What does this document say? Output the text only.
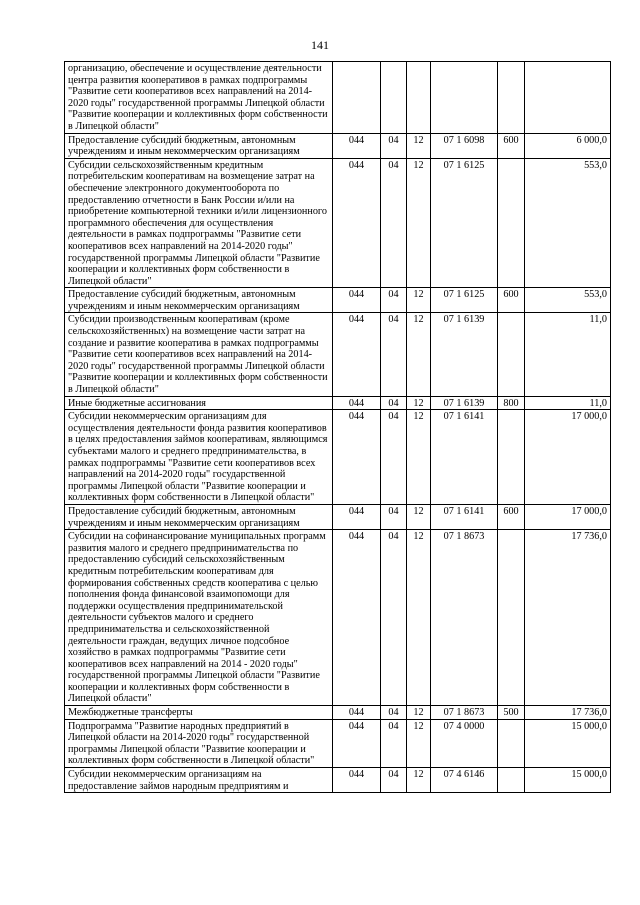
141
организацию, обеспечение и осуществление деятельности центра развития кооперативов в рамках подпрограммы "Развитие сети кооперативов всех направлений на 2014-2020 годы" государственной программы Липецкой области "Развитие кооперации и коллективных форм собственности в Липецкой области"						
Предоставление субсидий бюджетным, автономным учреждениям и иным некоммерческим организациям	044	04	12	07 1 6098	600	6 000,0
Субсидии сельскохозяйственным кредитным потребительским кооперативам на возмещение затрат на обеспечение электронного документооборота по предоставлению отчетности в Банк России и/или на приобретение компьютерной техники и/или лицензионного программного обеспечения для осуществления деятельности в рамках подпрограммы "Развитие сети кооперативов всех направлений на 2014-2020 годы" государственной программы Липецкой области "Развитие кооперации и коллективных форм собственности в Липецкой области"	044	04	12	07 1 6125		553,0
Предоставление субсидий бюджетным, автономным учреждениям и иным некоммерческим организациям	044	04	12	07 1 6125	600	553,0
Субсидии производственным кооперативам (кроме сельскохозяйственных) на возмещение части затрат на создание и развитие кооператива в рамках подпрограммы "Развитие сети кооперативов всех направлений на 2014-2020 годы" государственной программы Липецкой области "Развитие кооперации и коллективных форм собственности в Липецкой области"	044	04	12	07 1 6139		11,0
Иные бюджетные ассигнования	044	04	12	07 1 6139	800	11,0
Субсидии некоммерческим организациям для осуществления деятельности фонда развития кооперативов в целях предоставления займов кооперативам, являющимся субъектами малого и среднего предпринимательства, в рамках подпрограммы "Развитие сети кооперативов всех направлений на 2014-2020 годы" государственной программы Липецкой области "Развитие кооперации и коллективных форм собственности в Липецкой области"	044	04	12	07 1 6141		17 000,0
Предоставление субсидий бюджетным, автономным учреждениям и иным некоммерческим организациям	044	04	12	07 1 6141	600	17 000,0
Субсидии на софинансирование муниципальных программ развития малого и среднего предпринимательства по предоставлению субсидий сельскохозяйственным кредитным потребительским кооперативам для формирования собственных средств кооператива с целью пополнения фонда финансовой взаимопомощи для поддержки осуществления предпринимательской деятельности субъектов малого и среднего предпринимательства и сельскохозяйственной деятельности граждан, ведущих личное подсобное хозяйство в рамках подпрограммы "Развитие сети кооперативов всех направлений на 2014 - 2020 годы" государственной программы Липецкой области "Развитие кооперации и коллективных форм собственности в Липецкой области"	044	04	12	07 1 8673		17 736,0
Межбюджетные трансферты	044	04	12	07 1 8673	500	17 736,0
Подпрограмма "Развитие народных предприятий в Липецкой области на 2014-2020 годы" государственной программы Липецкой области "Развитие кооперации и коллективных форм собственности в Липецкой области"	044	04	12	07 4 0000		15 000,0
Субсидии некоммерческим организациям на предоставление займов народным предприятиям и	044	04	12	07 4 6146		15 000,0
